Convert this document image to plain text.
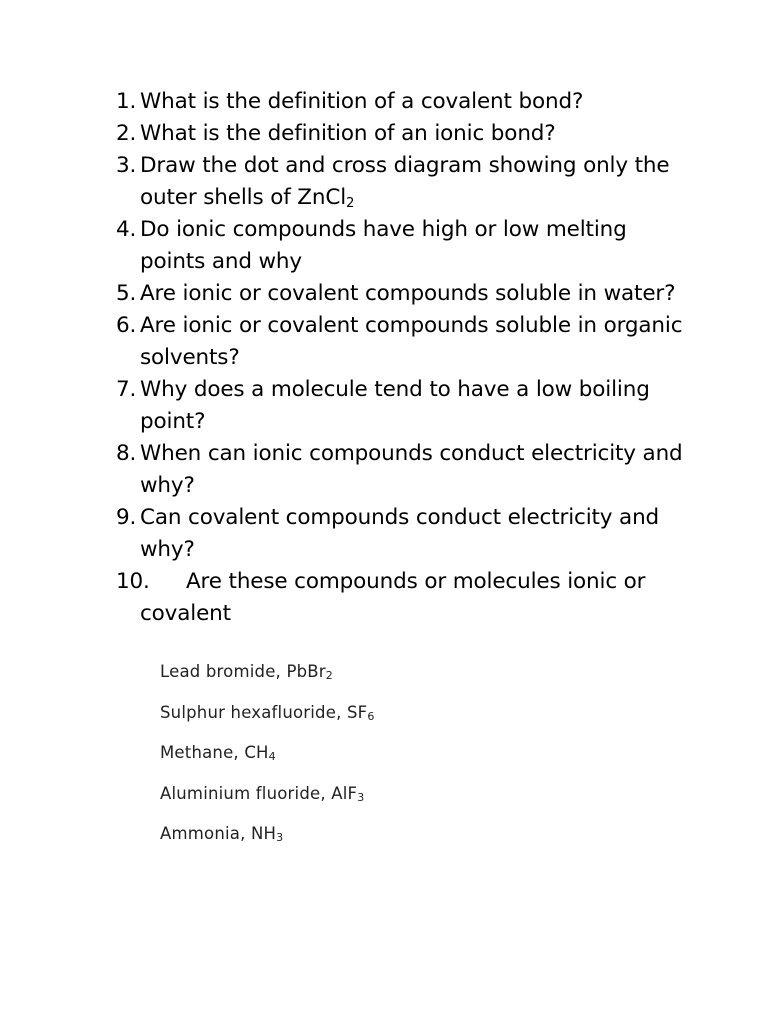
1. What is the definition of a covalent bond?
2. What is the definition of an ionic bond?
3. Draw the dot and cross diagram showing only the outer shells of ZnCl$_2$
4. Do ionic compounds have high or low melting points and why
5. Are ionic or covalent compounds soluble in water?
6. Are ionic or covalent compounds soluble in organic solvents?
7. Why does a molecule tend to have a low boiling point?
8. When can ionic compounds conduct electricity and why?
9. Can covalent compounds conduct electricity and why?
10. Are these compounds or molecules ionic or covalent
Lead bromide, PbBr$_2$
Sulphur hexafluoride, $SF_6$
Methane, $CH_4$
Aluminium fluoride, AlF$_3$
Ammonia, $NH_3$
